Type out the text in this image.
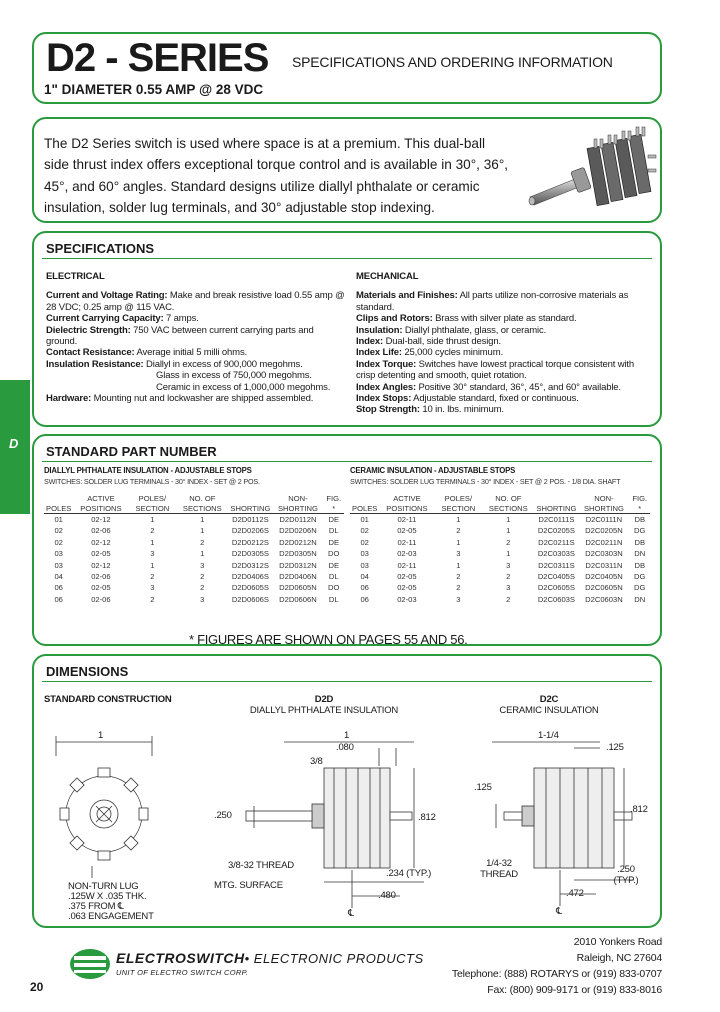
D2 - SERIES
1" DIAMETER 0.55 AMP @ 28 VDC
SPECIFICATIONS AND ORDERING INFORMATION
The D2 Series switch is used where space is at a premium. This dual-ball side thrust index offers exceptional torque control and is available in 30°, 36°, 45°, and 60° angles. Standard designs utilize diallyl phthalate or ceramic insulation, solder lug terminals, and 30° adjustable stop indexing.
D
SPECIFICATIONS
ELECTRICAL

Current and Voltage Rating: Make and break resistive load 0.55 amp @ 28 VDC; 0.25 amp @ 115 VAC.

Current Carrying Capacity: 7 amps.

Dielectric Strength: 750 VAC between current carrying parts and ground.

Contact Resistance: Average initial 5 milli ohms.

Insulation Resistance: Diallyl in excess of 900,000 megohms.

Glass in excess of 750,000 megohms.

Ceramic in excess of 1,000,000 megohms.

Hardware: Mounting nut and lockwasher are shipped assembled.

MECHANICAL

Materials and Finishes: All parts utilize non-corrosive materials as standard.

Clips and Rotors: Brass with silver plate as standard.

Insulation: Diallyl phthalate, glass, or ceramic.

Index: Dual-ball, side thrust design.

Index Life: 25,000 cycles minimum.

Index Torque: Switches have lowest practical torque consistent with crisp detenting and smooth, quiet rotation.

Index Angles: Positive 30° standard, 36°, 45°, and 60° available.

Index Stops: Adjustable standard, fixed or continuous.

Stop Strength: 10 in. lbs. minimum.

STANDARD PART NUMBER
DIALLYL PHTHALATE INSULATION - ADJUSTABLE STOPS
SWITCHES: SOLDER LUG TERMINALS - 30° INDEX - SET @ 2 POS.
POLES	ACTIVE POSITIONS	POLES/ SECTION	NO. OF SECTIONS	SHORTING	NON- SHORTING	FIG. *
01	02-12	1	1	D2D0112S	D2D0112N	DE
02	02-06	2	1	D2D0206S	D2D0206N	DL
02	02-12	1	2	D2D0212S	D2D0212N	DE
03	02-05	3	1	D2D0305S	D2D0305N	DO
03	02-12	1	3	D2D0312S	D2D0312N	DE
04	02-06	2	2	D2D0406S	D2D0406N	DL
06	02-05	3	2	D2D0605S	D2D0605N	DO
06	02-06	2	3	D2D0606S	D2D0606N	DL
CERAMIC INSULATION - ADJUSTABLE STOPS
SWITCHES: SOLDER LUG TERMINALS - 30° INDEX - SET @ 2 POS. - 1/8 DIA. SHAFT
POLES	ACTIVE POSITIONS	POLES/ SECTION	NO. OF SECTIONS	SHORTING	NON- SHORTING	FIG. *
01	02-11	1	1	D2C0111S	D2C0111N	DB
02	02-05	2	1	D2C0205S	D2C0205N	DG
02	02-11	1	2	D2C0211S	D2C0211N	DB
03	02-03	3	1	D2C0303S	D2C0303N	DN
03	02-11	1	3	D2C0311S	D2C0311N	DB
04	02-05	2	2	D2C0405S	D2C0405N	DG
06	02-05	2	3	D2C0605S	D2C0605N	DG
06	02-03	3	2	D2C0603S	D2C0603N	DN
* FIGURES ARE SHOWN ON PAGES 55 AND 56.
DIMENSIONS
STANDARD CONSTRUCTION	D2D
DIALLYL PHTHALATE INSULATION
D2C
CERAMIC INSULATION
1
NON-TURN LUG
.125W X .035 THK.
.375 FROM ℄
.063 ENGAGEMENT
1
.080
3/8
.250	.812
3/8-32 THREAD
.234 (TYP.)
MTG. SURFACE
.480
℄
1-1/4
.125
.125
.812
1/4-32 THREAD	.250 (TYP.)
.472
℄
ELECTROSWITCH• ELECTRONIC PRODUCTS
UNIT OF ELECTRO SWITCH CORP.
2010 Yonkers Road
Raleigh, NC 27604
Telephone: (888) ROTARYS or (919) 833-0707
Fax: (800) 909-9171 or (919) 833-8016
20
